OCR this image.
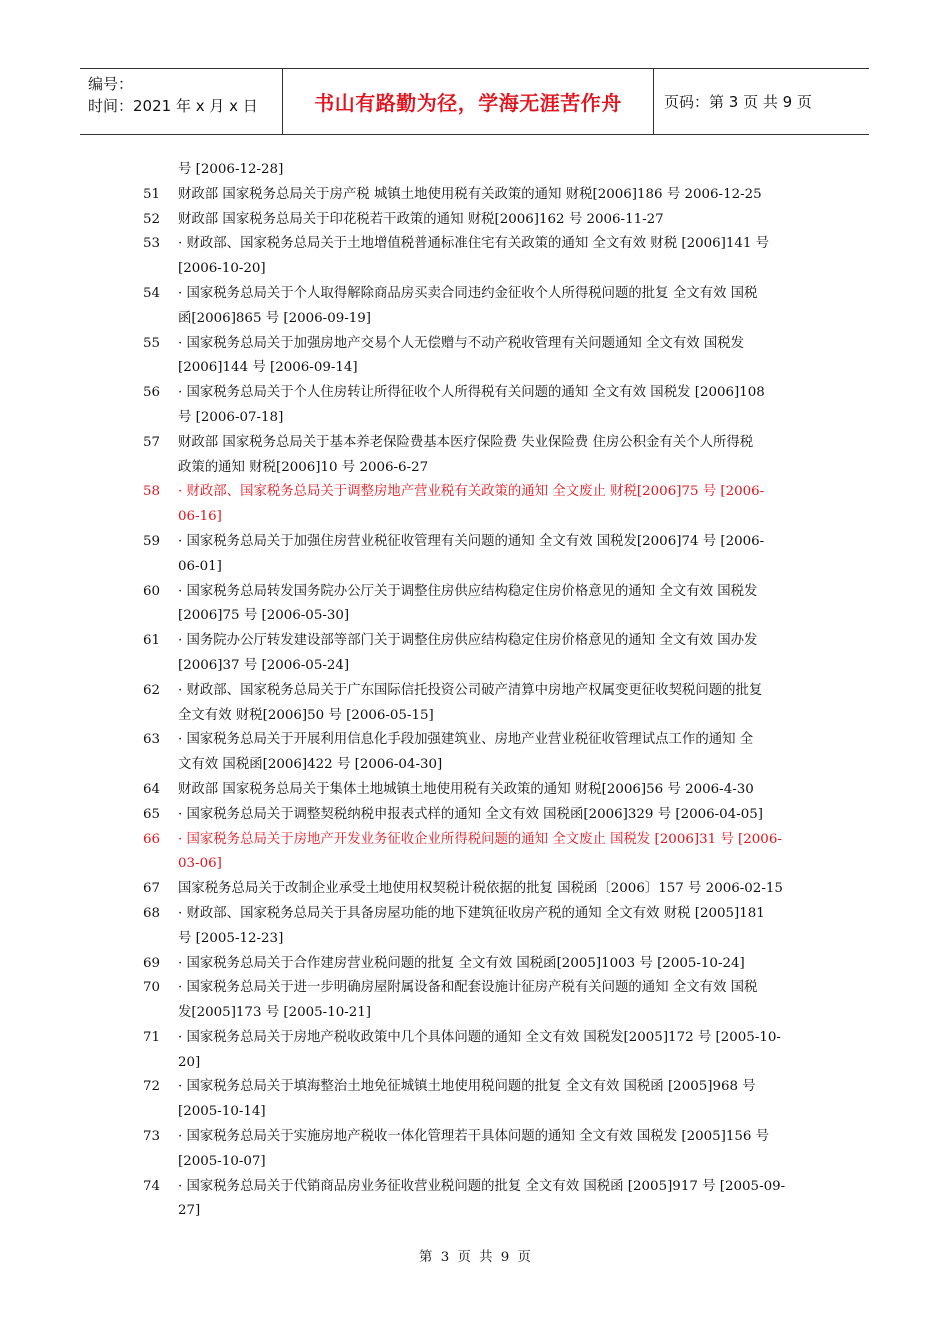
编号：
时间：2021 年 x 月 x 日	书山有路勤为径，学海无涯苦作舟	页码：第 3 页 共 9 页
号 [2006-12-28]
51	财政部 国家税务总局关于房产税 城镇土地使用税有关政策的通知 财税[2006]186 号 2006-12-25
52	财政部 国家税务总局关于印花税若干政策的通知 财税[2006]162 号 2006-11-27
53	· 财政部、国家税务总局关于土地增值税普通标准住宅有关政策的通知 全文有效 财税 [2006]141 号
[2006-10-20]
54	· 国家税务总局关于个人取得解除商品房买卖合同违约金征收个人所得税问题的批复 全文有效 国税
函[2006]865 号 [2006-09-19]
55	· 国家税务总局关于加强房地产交易个人无偿赠与不动产税收管理有关问题通知 全文有效 国税发
[2006]144 号 [2006-09-14]
56	· 国家税务总局关于个人住房转让所得征收个人所得税有关问题的通知 全文有效 国税发 [2006]108
号 [2006-07-18]
57	财政部 国家税务总局关于基本养老保险费基本医疗保险费 失业保险费 住房公积金有关个人所得税
政策的通知 财税[2006]10 号 2006-6-27
58	· 财政部、国家税务总局关于调整房地产营业税有关政策的通知 全文废止 财税[2006]75 号 [2006-
06-16]
59	· 国家税务总局关于加强住房营业税征收管理有关问题的通知 全文有效 国税发[2006]74 号 [2006-
06-01]
60	· 国家税务总局转发国务院办公厅关于调整住房供应结构稳定住房价格意见的通知 全文有效 国税发
[2006]75 号 [2006-05-30]
61	· 国务院办公厅转发建设部等部门关于调整住房供应结构稳定住房价格意见的通知 全文有效 国办发
[2006]37 号 [2006-05-24]
62	· 财政部、国家税务总局关于广东国际信托投资公司破产清算中房地产权属变更征收契税问题的批复
全文有效 财税[2006]50 号 [2006-05-15]
63	· 国家税务总局关于开展利用信息化手段加强建筑业、房地产业营业税征收管理试点工作的通知 全
文有效 国税函[2006]422 号 [2006-04-30]
64	财政部 国家税务总局关于集体土地城镇土地使用税有关政策的通知 财税[2006]56 号 2006-4-30
65	· 国家税务总局关于调整契税纳税申报表式样的通知 全文有效 国税函[2006]329 号 [2006-04-05]
66	· 国家税务总局关于房地产开发业务征收企业所得税问题的通知 全文废止 国税发 [2006]31 号 [2006-
03-06]
67	国家税务总局关于改制企业承受土地使用权契税计税依据的批复 国税函〔2006〕157 号 2006-02-15
68	· 财政部、国家税务总局关于具备房屋功能的地下建筑征收房产税的通知 全文有效 财税 [2005]181
号 [2005-12-23]
69	· 国家税务总局关于合作建房营业税问题的批复 全文有效 国税函[2005]1003 号 [2005-10-24]
70	· 国家税务总局关于进一步明确房屋附属设备和配套设施计征房产税有关问题的通知 全文有效 国税
发[2005]173 号 [2005-10-21]
71	· 国家税务总局关于房地产税收政策中几个具体问题的通知 全文有效 国税发[2005]172 号 [2005-10-
20]
72	· 国家税务总局关于填海整治土地免征城镇土地使用税问题的批复 全文有效 国税函 [2005]968 号
[2005-10-14]
73	· 国家税务总局关于实施房地产税收一体化管理若干具体问题的通知 全文有效 国税发 [2005]156 号
[2005-10-07]
74	· 国家税务总局关于代销商品房业务征收营业税问题的批复 全文有效 国税函 [2005]917 号 [2005-09-
27]
第 3 页 共 9 页
